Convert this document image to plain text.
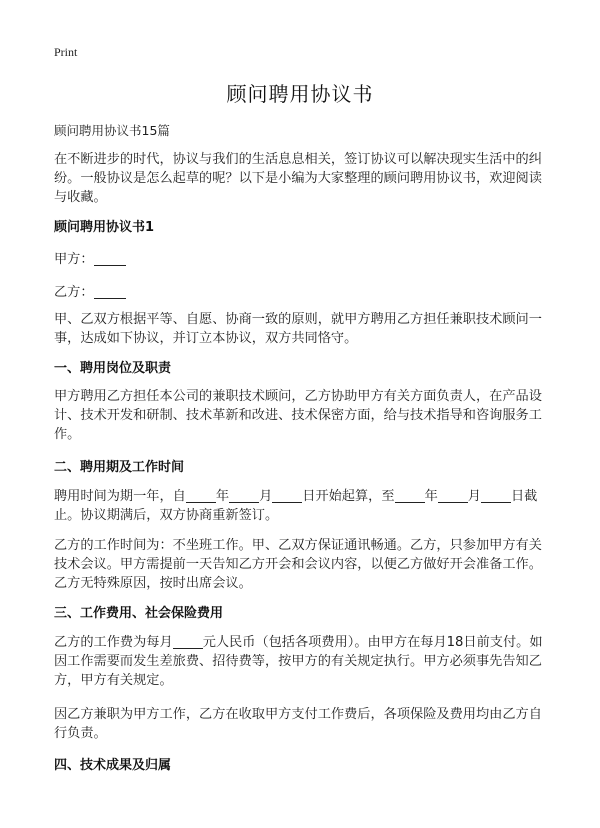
Print
顾问聘用协议书
顾问聘用协议书15篇

在不断进步的时代，协议与我们的生活息息相关，签订协议可以解决现实生活中的纠纷。一般协议是怎么起草的呢？以下是小编为大家整理的顾问聘用协议书，欢迎阅读与收藏。

顾问聘用协议书1
甲方：
乙方：

甲、乙双方根据平等、自愿、协商一致的原则，就甲方聘用乙方担任兼职技术顾问一事，达成如下协议，并订立本协议，双方共同恪守。

一、聘用岗位及职责

甲方聘用乙方担任本公司的兼职技术顾问，乙方协助甲方有关方面负责人，在产品设计、技术开发和研制、技术革新和改进、技术保密方面，给与技术指导和咨询服务工作。

二、聘用期及工作时间

聘用时间为期一年，自 年 月 日开始起算，至 年 月 日截止。协议期满后，双方协商重新签订。

乙方的工作时间为：不坐班工作。甲、乙双方保证通讯畅通。乙方，只参加甲方有关技术会议。甲方需提前一天告知乙方开会和会议内容，以便乙方做好开会准备工作。乙方无特殊原因，按时出席会议。

三、工作费用、社会保险费用

乙方的工作费为每月 元人民币（包括各项费用）。由甲方在每月18日前支付。如因工作需要而发生差旅费、招待费等，按甲方的有关规定执行。甲方必须事先告知乙方，甲方有关规定。

因乙方兼职为甲方工作，乙方在收取甲方支付工作费后，各项保险及费用均由乙方自行负责。

四、技术成果及归属
